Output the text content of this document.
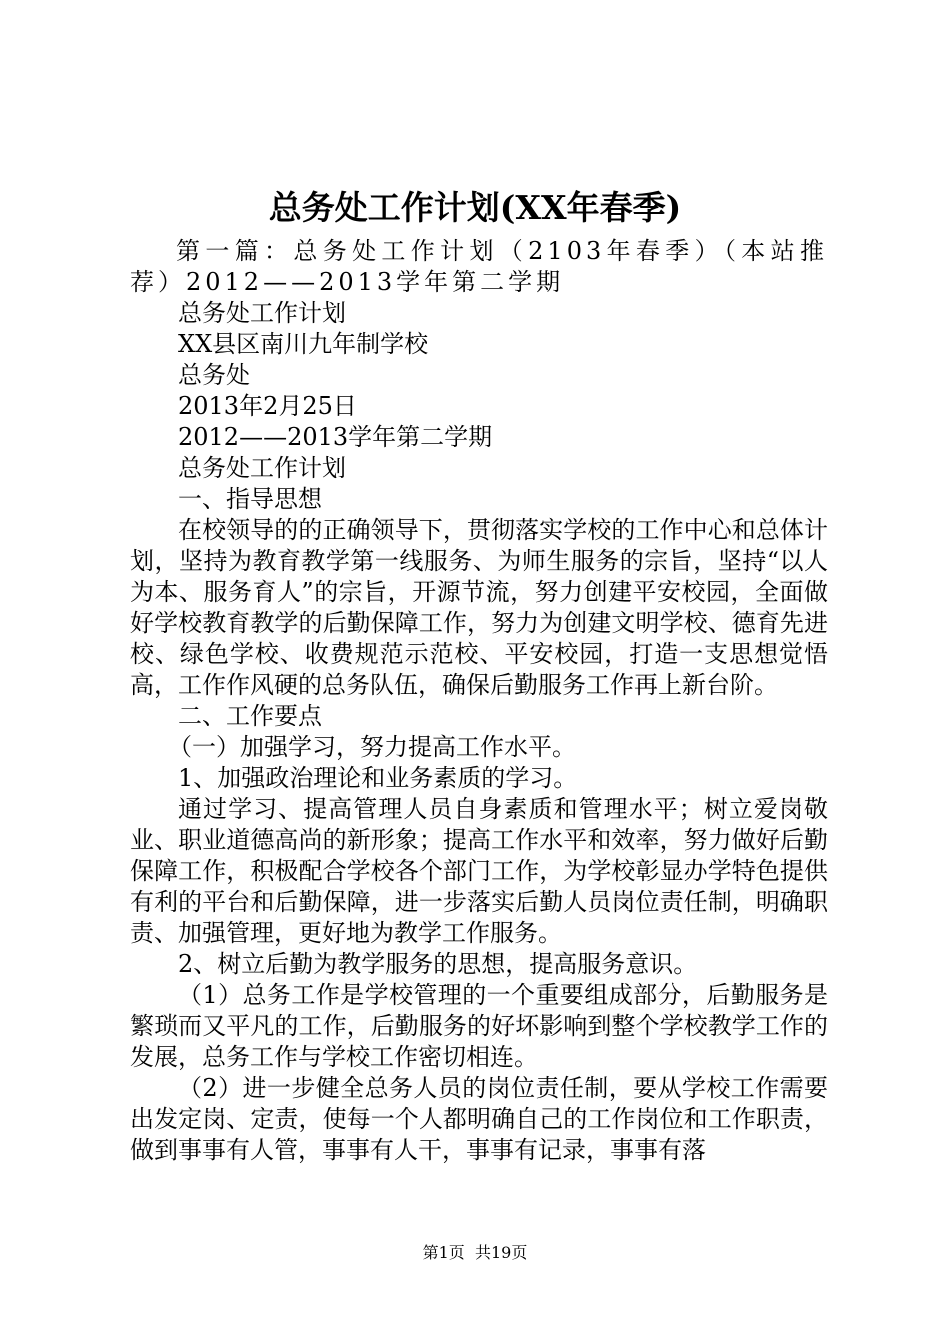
总务处工作计划(XX年春季)

第一篇：总务处工作计划（2103年春季）（本站推荐）2012——2013学年第二学期

总务处工作计划

XX县区南川九年制学校

总务处

2013年2月25日

2012——2013学年第二学期

总务处工作计划

一、指导思想

在校领导的的正确领导下，贯彻落实学校的工作中心和总体计划，坚持为教育教学第一线服务、为师生服务的宗旨，坚持“以人为本、服务育人”的宗旨，开源节流，努力创建平安校园，全面做好学校教育教学的后勤保障工作，努力为创建文明学校、德育先进校、绿色学校、收费规范示范校、平安校园，打造一支思想觉悟高，工作作风硬的总务队伍，确保后勤服务工作再上新台阶。

二、工作要点

（一）加强学习，努力提高工作水平。

1、加强政治理论和业务素质的学习。

通过学习、提高管理人员自身素质和管理水平；树立爱岗敬业、职业道德高尚的新形象；提高工作水平和效率，努力做好后勤保障工作，积极配合学校各个部门工作，为学校彰显办学特色提供有利的平台和后勤保障，进一步落实后勤人员岗位责任制，明确职责、加强管理，更好地为教学工作服务。

2、树立后勤为教学服务的思想，提高服务意识。

（1）总务工作是学校管理的一个重要组成部分，后勤服务是繁琐而又平凡的工作，后勤服务的好坏影响到整个学校教学工作的发展，总务工作与学校工作密切相连。

（2）进一步健全总务人员的岗位责任制，要从学校工作需要出发定岗、定责，使每一个人都明确自己的工作岗位和工作职责，做到事事有人管，事事有人干，事事有记录，事事有落

第1页 共19页
